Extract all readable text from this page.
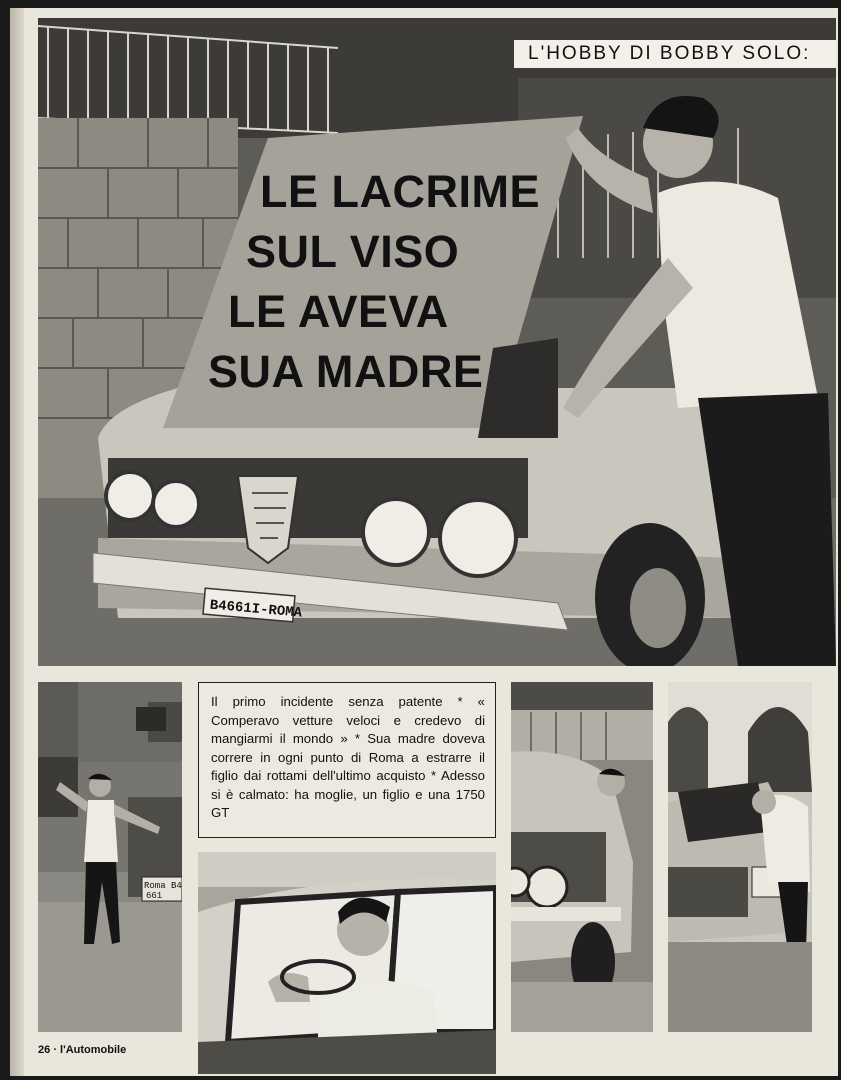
B4661I-ROMA
L'HOBBY DI BOBBY SOLO:
LE LACRIME
SUL VISO
LE AVEVA
SUA MADRE
Roma B4
661

Il primo incidente senza patente * « Comperavo vetture veloci e credevo di mangiarmi il mondo » * Sua madre doveva correre in ogni punto di Roma a estrarre il figlio dai rottami dell'ultimo acquisto * Adesso si è calmato: ha moglie, un figlio e una 1750 GT

26 · l'Automobile
